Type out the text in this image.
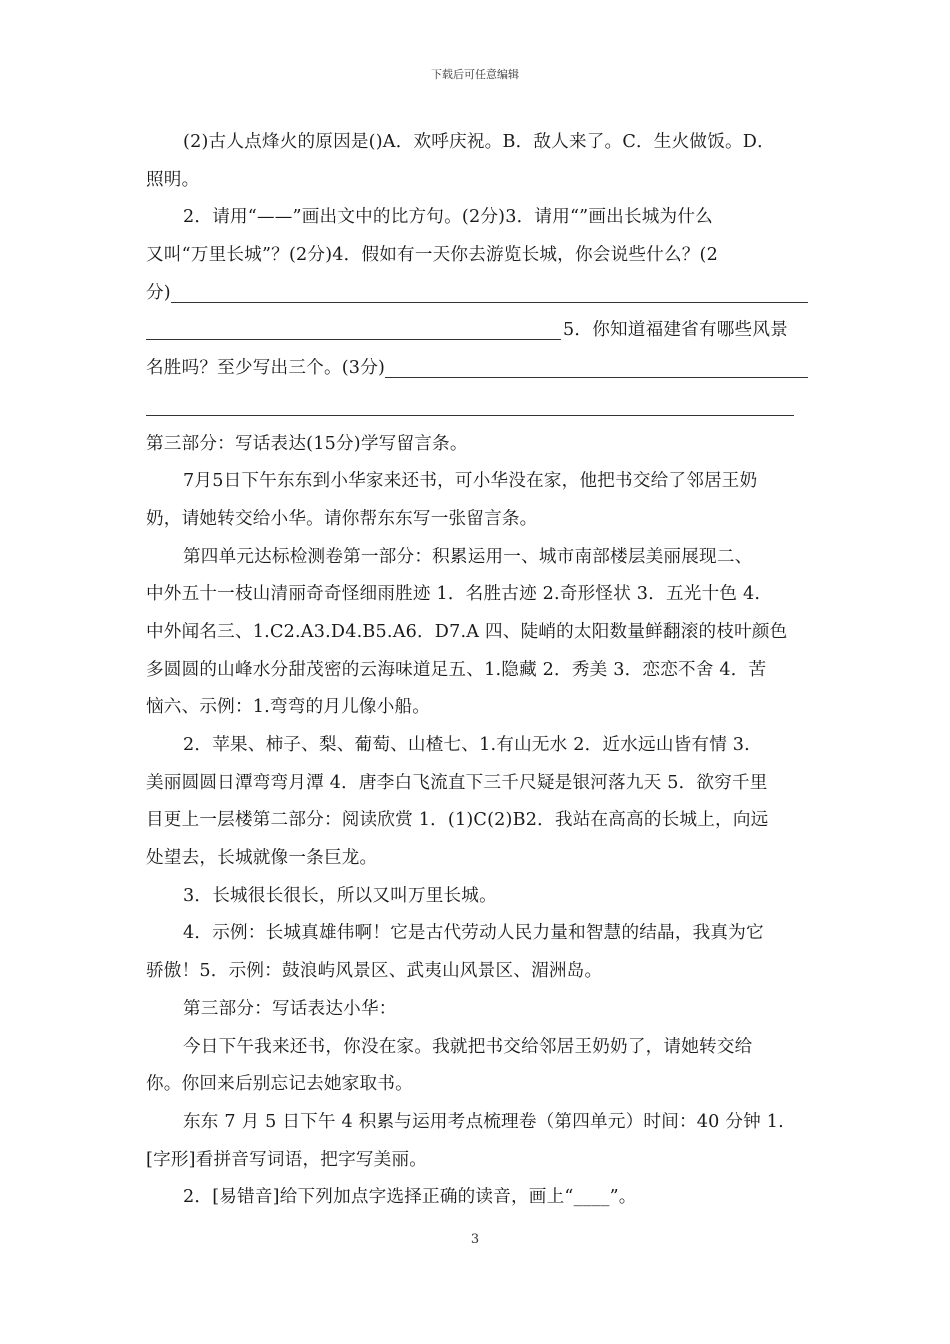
下载后可任意编辑
(2)古人点烽火的原因是()A．欢呼庆祝。B．敌人来了。C．生火做饭。D．
照明。
2．请用“——”画出文中的比方句。(2分)3．请用“”画出长城为什么
又叫“万里长城”？(2分)4．假如有一天你去游览长城，你会说些什么？(2
分)
5．你知道福建省有哪些风景
名胜吗？至少写出三个。(3分)
第三部分：写话表达(15分)学写留言条。
7月5日下午东东到小华家来还书，可小华没在家，他把书交给了邻居王奶
奶，请她转交给小华。请你帮东东写一张留言条。
第四单元达标检测卷第一部分：积累运用一、城市南部楼层美丽展现二、
中外五十一枝山清丽奇奇怪细雨胜迹 1．名胜古迹 2.奇形怪状 3．五光十色 4.
中外闻名三、1.C2.A3.D4.B5.A6．D7.A 四、陡峭的太阳数量鲜翻滚的枝叶颜色
多圆圆的山峰水分甜茂密的云海味道足五、1.隐藏 2．秀美 3．恋恋不舍 4．苦
恼六、示例：1.弯弯的月儿像小船。
2．苹果、柿子、梨、葡萄、山楂七、1.有山无水 2．近水远山皆有情 3.
美丽圆圆日潭弯弯月潭 4．唐李白飞流直下三千尺疑是银河落九天 5．欲穷千里
目更上一层楼第二部分：阅读欣赏 1．(1)C(2)B2．我站在高高的长城上，向远
处望去，长城就像一条巨龙。
3．长城很长很长，所以又叫万里长城。
4．示例：长城真雄伟啊！它是古代劳动人民力量和智慧的结晶，我真为它
骄傲！5．示例：鼓浪屿风景区、武夷山风景区、湄洲岛。
第三部分：写话表达小华：
今日下午我来还书，你没在家。我就把书交给邻居王奶奶了，请她转交给
你。你回来后别忘记去她家取书。
东东 7 月 5 日下午 4 积累与运用考点梳理卷（第四单元）时间：40 分钟 1.
[字形]看拼音写词语，把字写美丽。
2．[易错音]给下列加点字选择正确的读音，画上“____”。
3
